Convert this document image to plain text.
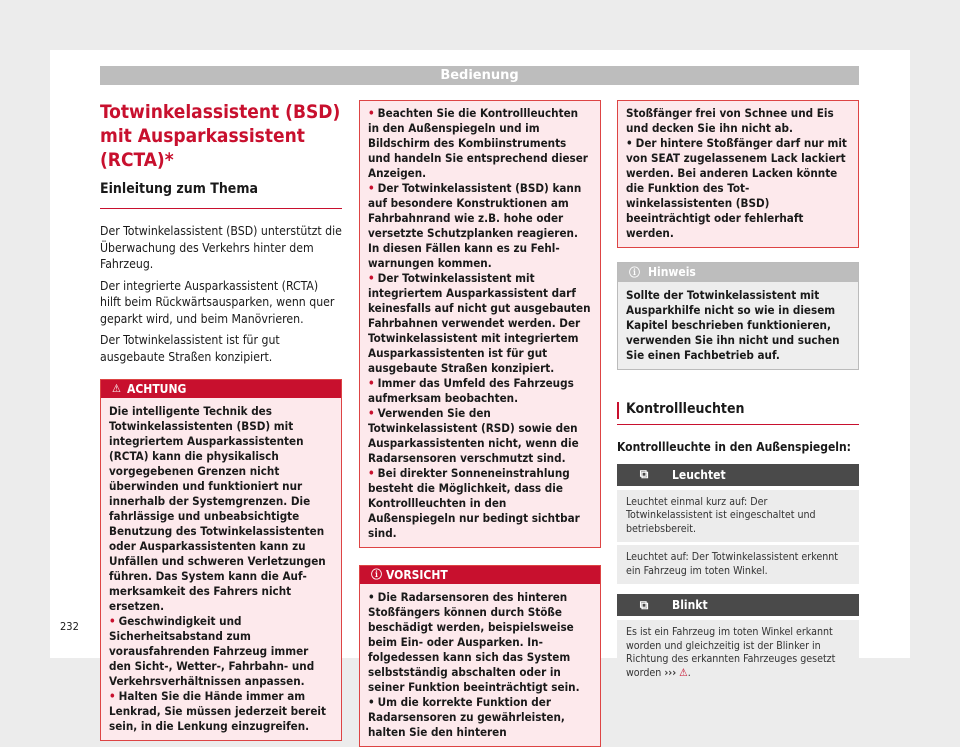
Bedienung
Totwinkelassistent (BSD) mit Ausparkassistent (RCTA)*
Einleitung zum Thema

Der Totwinkelassistent (BSD) unterstützt die Überwachung des Verkehrs hinter dem Fahrzeug.

Der integrierte Ausparkassistent (RCTA) hilft beim Rückwärtsausparken, wenn quer geparkt wird, und beim Manövrieren.

Der Totwinkelassistent ist für gut ausgebaute Straßen konzipiert.

⚠ ACHTUNG

Die intelligente Technik des Totwinkelassistenten (BSD) mit integriertem Ausparkassistenten (RCTA) kann die physikalisch vorgegebenen Grenzen nicht überwinden und funktioniert nur innerhalb der Systemgrenzen. Die fahrlässige und unbeabsichtigte Benutzung des Totwinkelassistenten oder Ausparkassistenten kann zu Unfällen und schweren Verletzungen führen. Das System kann die Aufmerksamkeit des Fahrers nicht ersetzen.

• Geschwindigkeit und Sicherheitsabstand zum vorausfahrenden Fahrzeug immer den Sicht-, Wetter-, Fahrbahn- und Verkehrsverhältnissen anpassen.

• Halten Sie die Hände immer am Lenkrad, Sie müssen jederzeit bereit sein, in die Lenkung einzugreifen.

• Beachten Sie die Kontrollleuchten in den Außenspiegeln und im Bildschirm des Kombiinstruments und handeln Sie entsprechend dieser Anzeigen.

• Der Totwinkelassistent (BSD) kann auf besondere Konstruktionen am Fahrbahnrand wie z.B. hohe oder versetzte Schutzplanken reagieren. In diesen Fällen kann es zu Fehlwarnungen kommen.

• Der Totwinkelassistent mit integriertem Ausparkassistent darf keinesfalls auf nicht gut ausgebauten Fahrbahnen verwendet werden. Der Totwinkelassistent mit integriertem Ausparkassistenten ist für gut ausgebaute Straßen konzipiert.

• Immer das Umfeld des Fahrzeugs aufmerksam beobachten.

• Verwenden Sie den Totwinkelassistent (RSD) sowie den Ausparkassistenten nicht, wenn die Radarsensoren verschmutzt sind.

• Bei direkter Sonneneinstrahlung besteht die Möglichkeit, dass die Kontrollleuchten in den Außenspiegeln nur bedingt sichtbar sind.

ⓘ VORSICHT

• Die Radarsensoren des hinteren Stoßfängers können durch Stöße beschädigt werden, beispielsweise beim Ein- oder Ausparken. Infolgedessen kann sich das System selbstständig abschalten oder in seiner Funktion beeinträchtigt sein.

• Um die korrekte Funktion der Radarsensoren zu gewährleisten, halten Sie den hinteren

Stoßfänger frei von Schnee und Eis und decken Sie ihn nicht ab.

• Der hintere Stoßfänger darf nur mit von SEAT zugelassenem Lack lackiert werden. Bei anderen Lacken könnte die Funktion des Totwinkelassistenten (BSD) beeinträchtigt oder fehlerhaft werden.

ⓘ Hinweis

Sollte der Totwinkelassistent mit Ausparkhilfe nicht so wie in diesem Kapitel beschrieben funktionieren, verwenden Sie ihn nicht und suchen Sie einen Fachbetrieb auf.

Kontrollleuchten

Kontrollleuchte in den Außenspiegeln:

⧉	Leuchtet

Leuchtet einmal kurz auf: Der Totwinkelassistent ist eingeschaltet und betriebsbereit.	

Leuchtet auf: Der Totwinkelassistent erkennt ein Fahrzeug im toten Winkel.	

⧉	Blinkt

Es ist ein Fahrzeug im toten Winkel erkannt worden und gleichzeitig ist der Blinker in Richtung des erkannten Fahrzeuges gesetzt worden ››› ⚠.	
232
